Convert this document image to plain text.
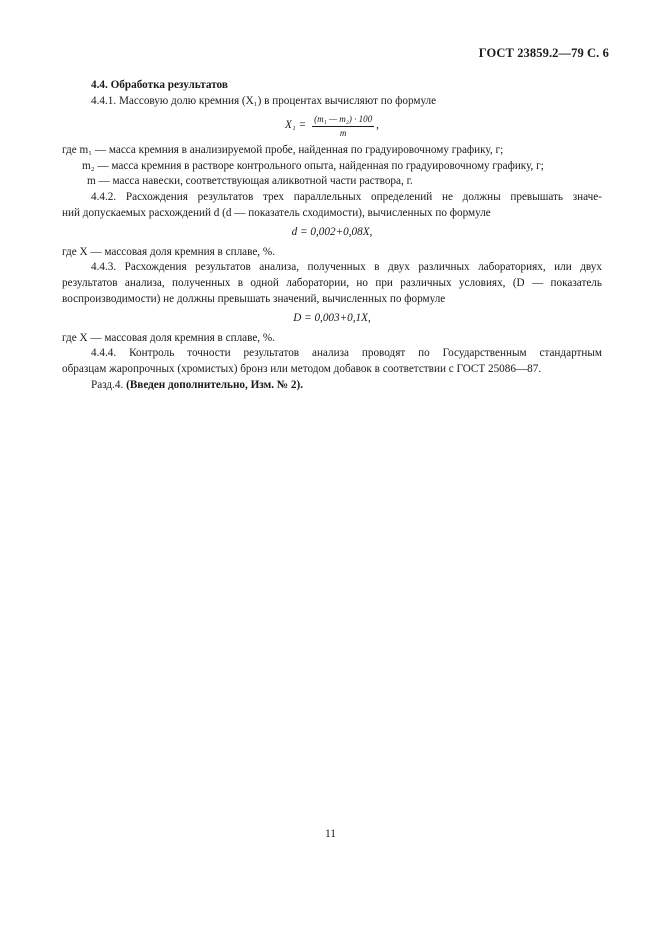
ГОСТ 23859.2—79 С. 6

4.4. Обработка результатов

4.4.1. Массовую долю кремния (X₁) в процентах вычисляют по формуле

$X_1 = \frac{\text{(m₁ — m₂) · 100}}{m}$ ,

где m₁ — масса кремния в анализируемой пробе, найденная по градуировочному графику, г;

m₂ — масса кремния в растворе контрольного опыта, найденная по градуировочному графику, г;

m — масса навески, соответствующая аликвотной части раствора, г.

4.4.2. Расхождения результатов трех параллельных определений не должны превышать значе-

ний допускаемых расхождений d (d — показатель сходимости), вычисленных по формуле

d = 0,002+0,08X,

где X — массовая доля кремния в сплаве, %.

4.4.3. Расхождения результатов анализа, полученных в двух различных лабораториях, или двух

результатов анализа, полученных в одной лаборатории, но при различных условиях, (D — показатель

воспроизводимости) не должны превышать значений, вычисленных по формуле

D = 0,003+0,1X,

где X — массовая доля кремния в сплаве, %.

4.4.4. Контроль точности результатов анализа проводят по Государственным стандартным

образцам жаропрочных (хромистых) бронз или методом добавок в соответствии с ГОСТ 25086—87.

Разд.4. (Введен дополнительно, Изм. № 2).

11
